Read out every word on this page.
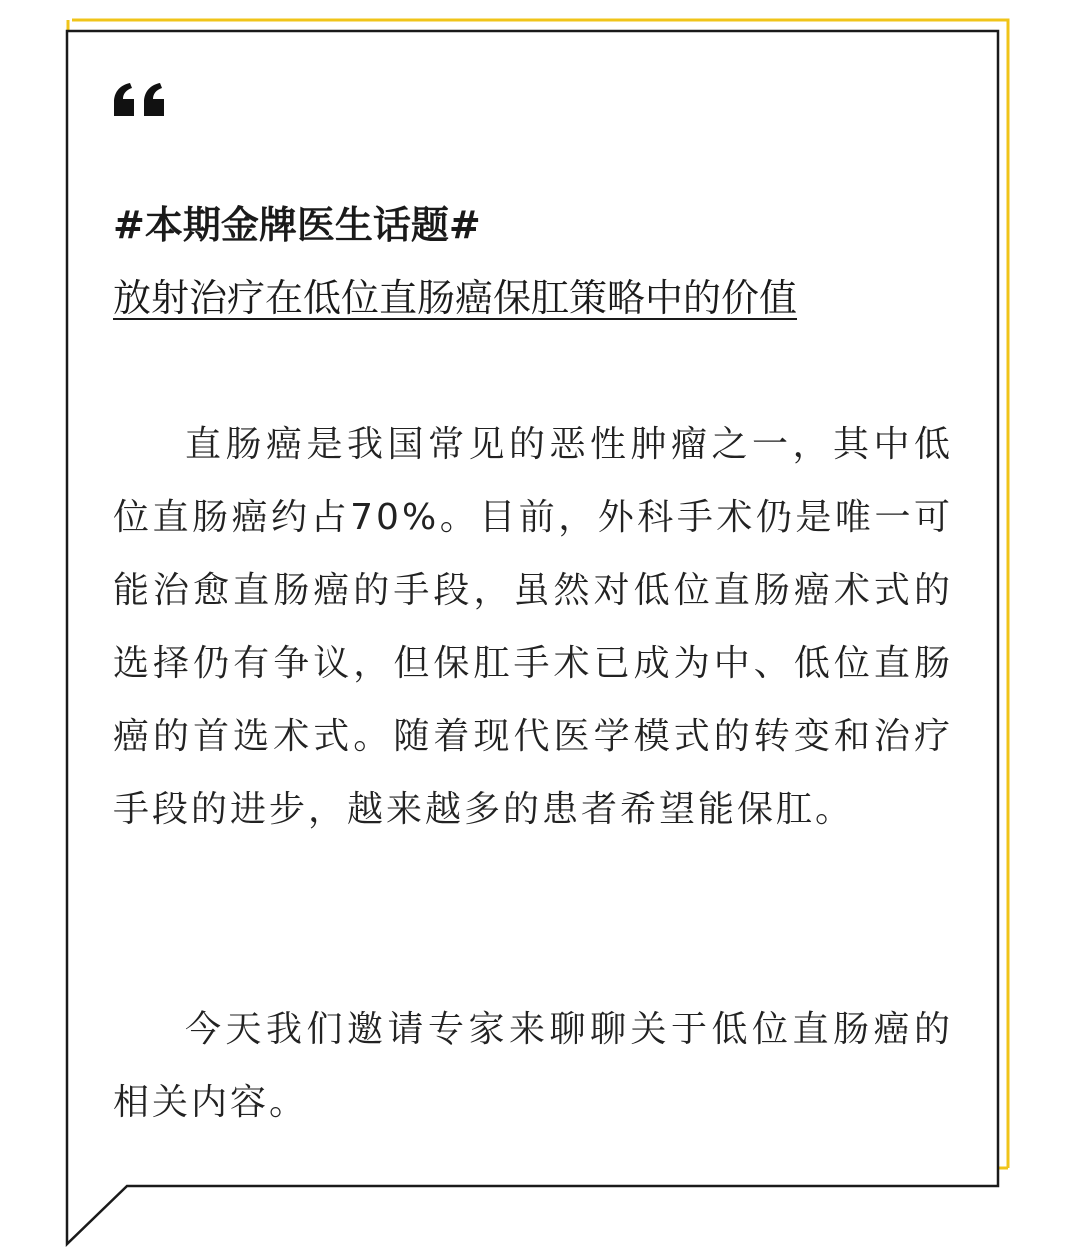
#本期金牌医生话题#
放射治疗在低位直肠癌保肛策略中的价值

直肠癌是我国常见的恶性肿瘤之一，其中低位直肠癌约占70%。目前，外科手术仍是唯一可能治愈直肠癌的手段，虽然对低位直肠癌术式的选择仍有争议，但保肛手术已成为中、低位直肠癌的首选术式。随着现代医学模式的转变和治疗手段的进步，越来越多的患者希望能保肛。

今天我们邀请专家来聊聊关于低位直肠癌的相关内容。
